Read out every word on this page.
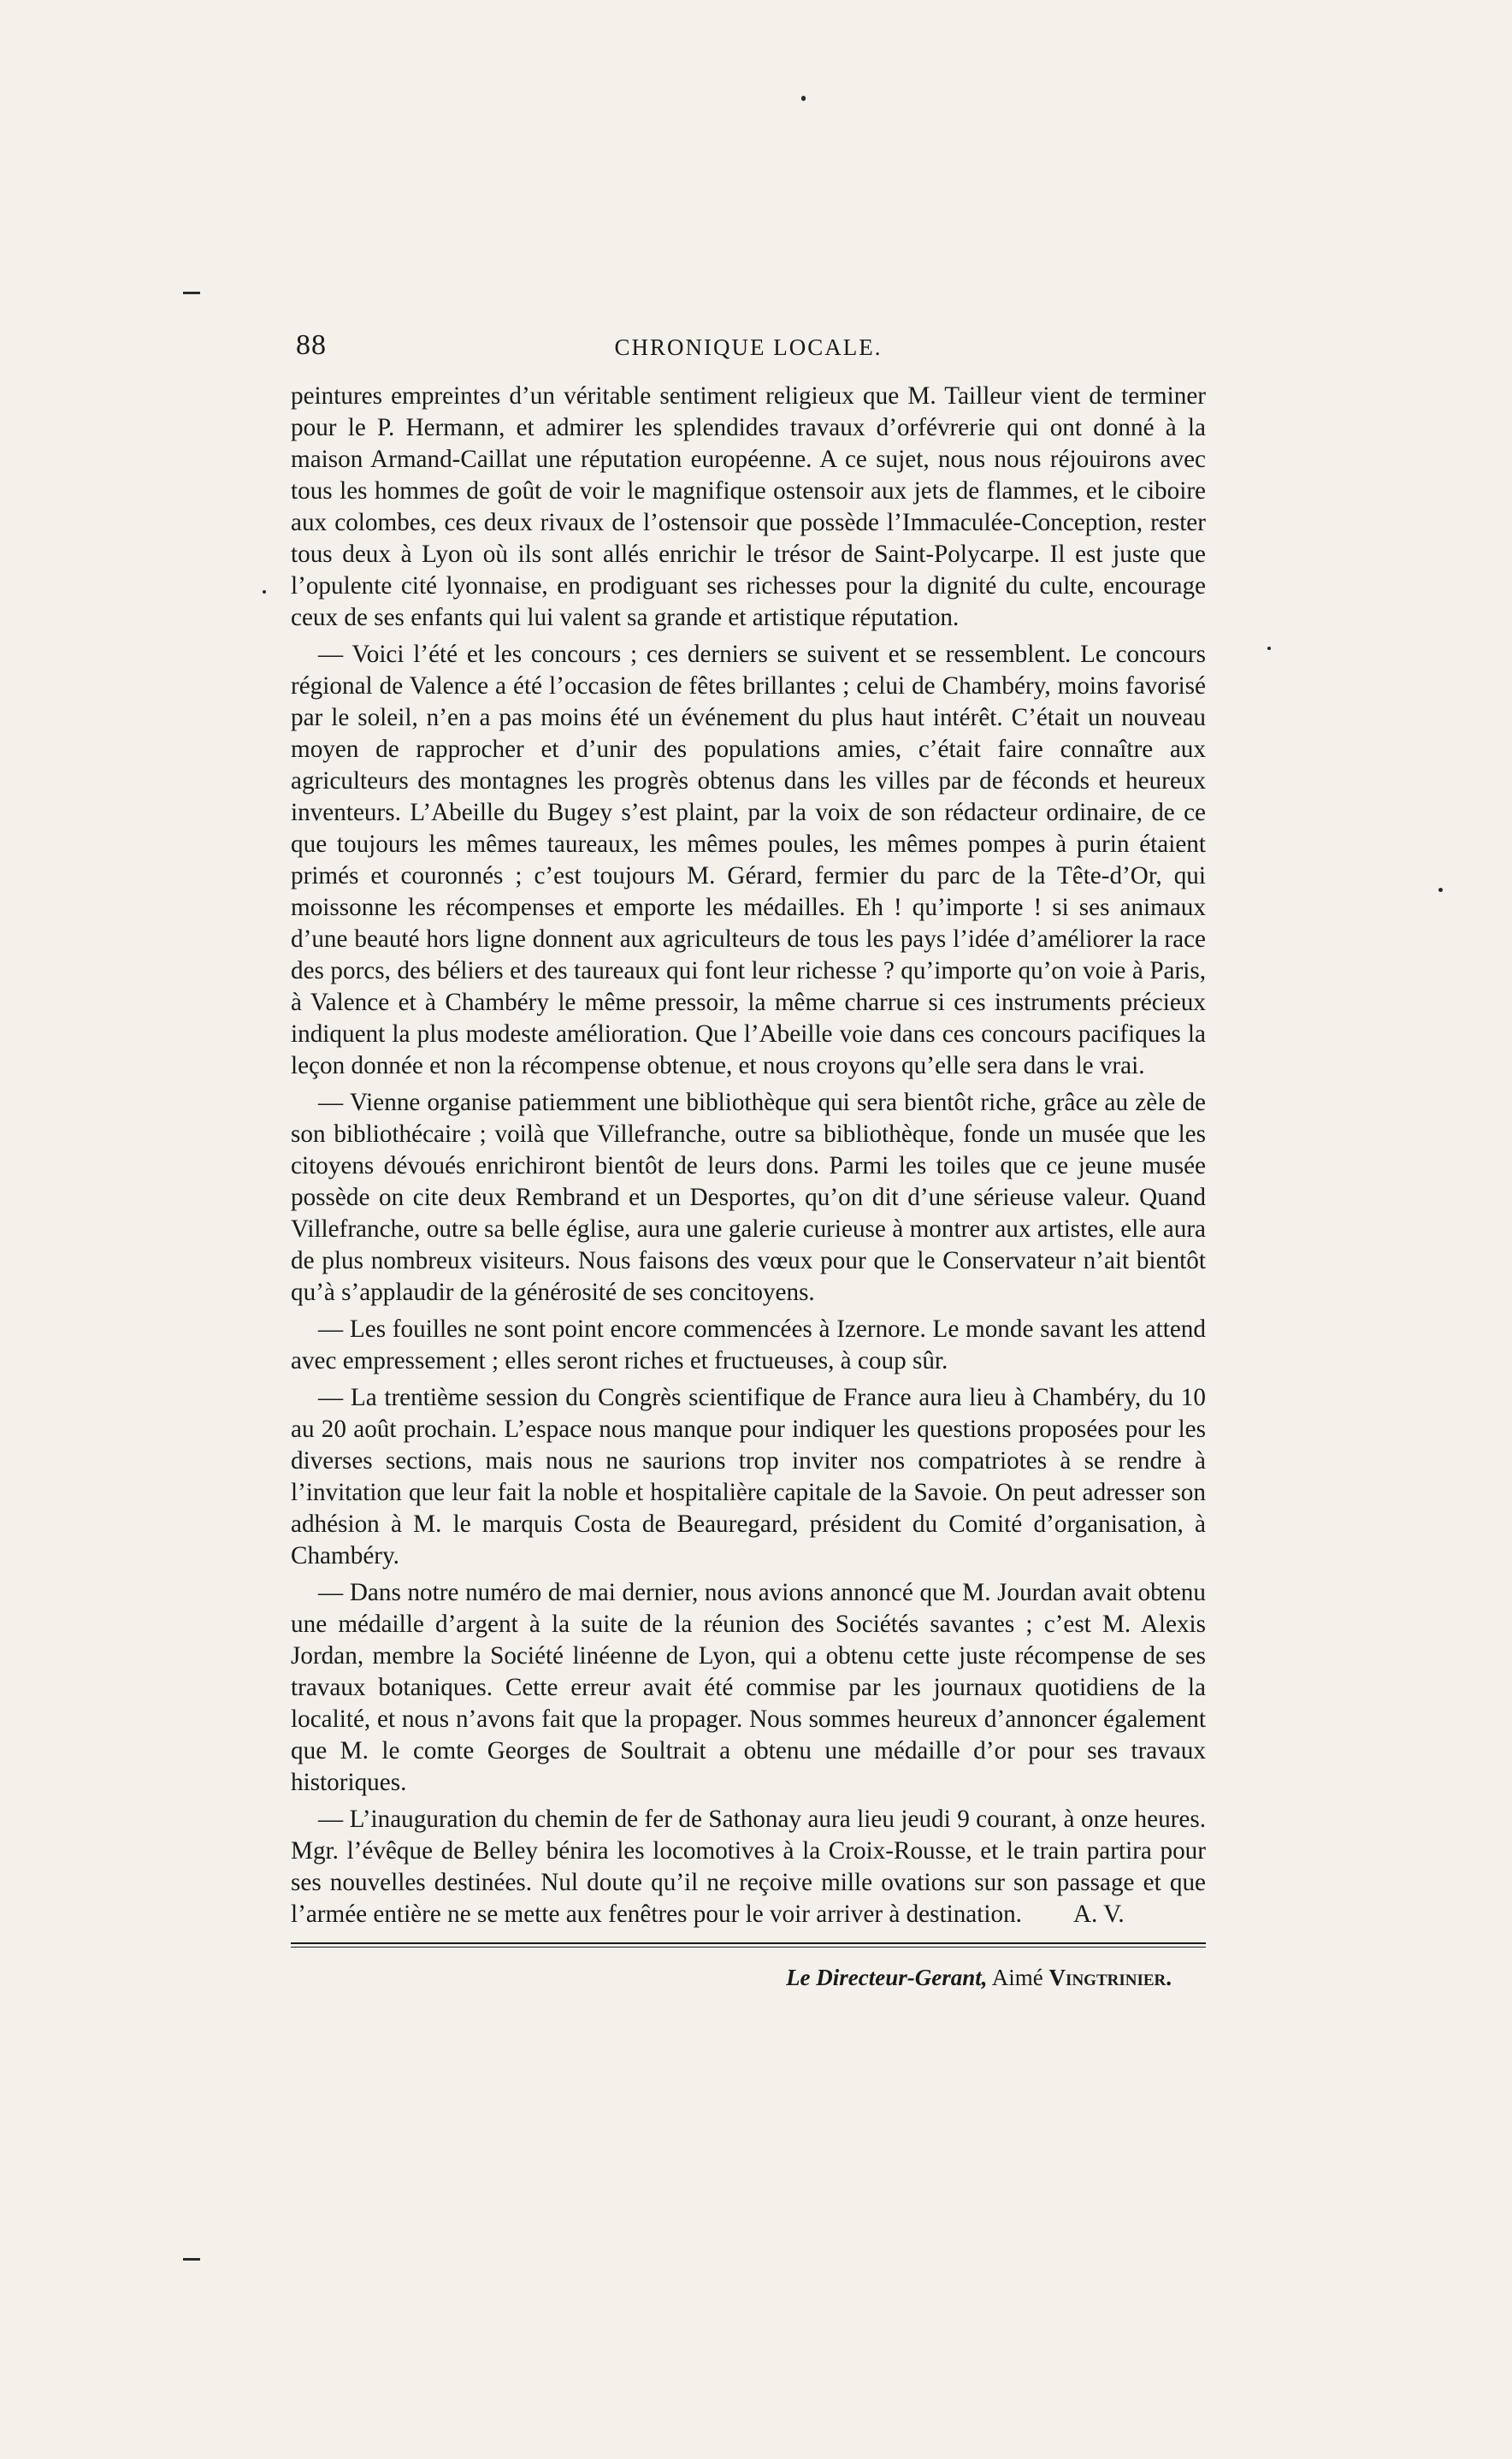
88	CHRONIQUE LOCALE.

peintures empreintes d’un véritable sentiment religieux que M. Tailleur vient de terminer pour le P. Hermann, et admirer les splendides travaux d’orfévrerie qui ont donné à la maison Armand-Caillat une réputation européenne. A ce sujet, nous nous réjouirons avec tous les hommes de goût de voir le magnifique ostensoir aux jets de flammes, et le ciboire aux colombes, ces deux rivaux de l’ostensoir que possède l’Immaculée-Conception, rester tous deux à Lyon où ils sont allés enrichir le trésor de Saint-Polycarpe. Il est juste que l’opulente cité lyonnaise, en prodiguant ses richesses pour la dignité du culte, encourage ceux de ses enfants qui lui valent sa grande et artistique réputation.

— Voici l’été et les concours ; ces derniers se suivent et se ressemblent. Le concours régional de Valence a été l’occasion de fêtes brillantes ; celui de Chambéry, moins favorisé par le soleil, n’en a pas moins été un événement du plus haut intérêt. C’était un nouveau moyen de rapprocher et d’unir des populations amies, c’était faire connaître aux agriculteurs des montagnes les progrès obtenus dans les villes par de féconds et heureux inventeurs. L’Abeille du Bugey s’est plaint, par la voix de son rédacteur ordinaire, de ce que toujours les mêmes taureaux, les mêmes poules, les mêmes pompes à purin étaient primés et couronnés ; c’est toujours M. Gérard, fermier du parc de la Tête-d’Or, qui moissonne les récompenses et emporte les médailles. Eh ! qu’importe ! si ses animaux d’une beauté hors ligne donnent aux agriculteurs de tous les pays l’idée d’améliorer la race des porcs, des béliers et des taureaux qui font leur richesse ? qu’importe qu’on voie à Paris, à Valence et à Chambéry le même pressoir, la même charrue si ces instruments précieux indiquent la plus modeste amélioration. Que l’Abeille voie dans ces concours pacifiques la leçon donnée et non la récompense obtenue, et nous croyons qu’elle sera dans le vrai.

— Vienne organise patiemment une bibliothèque qui sera bientôt riche, grâce au zèle de son bibliothécaire ; voilà que Villefranche, outre sa bibliothèque, fonde un musée que les citoyens dévoués enrichiront bientôt de leurs dons. Parmi les toiles que ce jeune musée possède on cite deux Rembrand et un Desportes, qu’on dit d’une sérieuse valeur. Quand Villefranche, outre sa belle église, aura une galerie curieuse à montrer aux artistes, elle aura de plus nombreux visiteurs. Nous faisons des vœux pour que le Conservateur n’ait bientôt qu’à s’applaudir de la générosité de ses concitoyens.

— Les fouilles ne sont point encore commencées à Izernore. Le monde savant les attend avec empressement ; elles seront riches et fructueuses, à coup sûr.

— La trentième session du Congrès scientifique de France aura lieu à Chambéry, du 10 au 20 août prochain. L’espace nous manque pour indiquer les questions proposées pour les diverses sections, mais nous ne saurions trop inviter nos compatriotes à se rendre à l’invitation que leur fait la noble et hospitalière capitale de la Savoie. On peut adresser son adhésion à M. le marquis Costa de Beauregard, président du Comité d’organisation, à Chambéry.

— Dans notre numéro de mai dernier, nous avions annoncé que M. Jourdan avait obtenu une médaille d’argent à la suite de la réunion des Sociétés savantes ; c’est M. Alexis Jordan, membre la Société linéenne de Lyon, qui a obtenu cette juste récompense de ses travaux botaniques. Cette erreur avait été commise par les journaux quotidiens de la localité, et nous n’avons fait que la propager. Nous sommes heureux d’annoncer également que M. le comte Georges de Soultrait a obtenu une médaille d’or pour ses travaux historiques.

— L’inauguration du chemin de fer de Sathonay aura lieu jeudi 9 courant, à onze heures. Mgr. l’évêque de Belley bénira les locomotives à la Croix-Rousse, et le train partira pour ses nouvelles destinées. Nul doute qu’il ne reçoive mille ovations sur son passage et que l’armée entière ne se mette aux fenêtres pour le voir arriver à destination. A. V.

Le Directeur-Gerant, Aimé Vingtrinier.
